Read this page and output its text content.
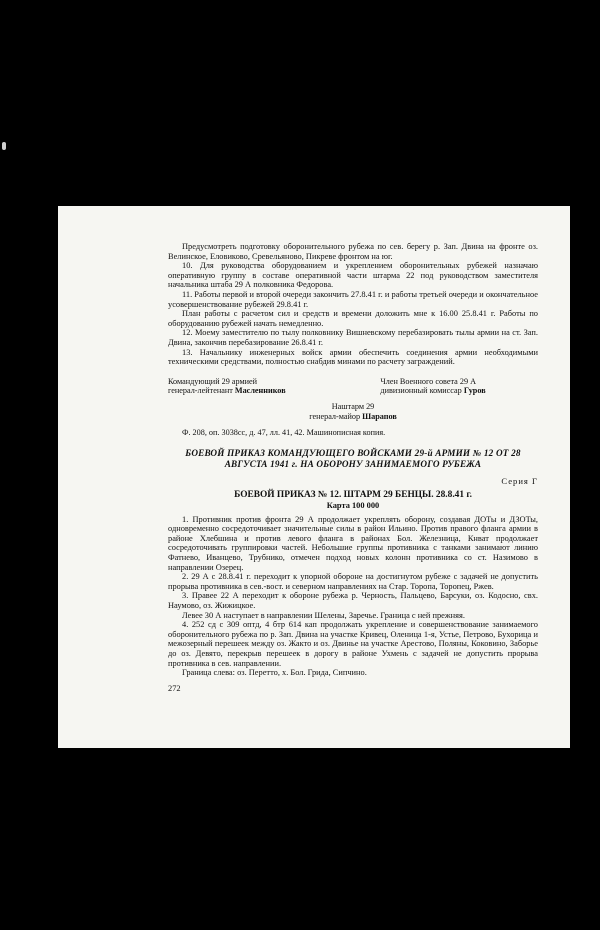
Предусмотреть подготовку оборонительного рубежа по сев. берегу р. Зап. Двина на фронте оз. Велинское, Еловиково, Сревельяново, Пикреве фронтом на юг.

10. Для руководства оборудованием и укреплением оборонительных рубежей назначаю оперативную группу в составе оперативной части штарма 22 под руководством заместителя начальника штаба 29 А полковника Федорова.

11. Работы первой и второй очереди закончить 27.8.41 г. и работы третьей очереди и окончательное усовершенствование рубежей 29.8.41 г.

План работы с расчетом сил и средств и времени доложить мне к 16.00 25.8.41 г. Работы по оборудованию рубежей начать немедленно.

12. Моему заместителю по тылу полковнику Вишневскому перебазировать тылы армии на ст. Зап. Двина, закончив перебазирование 26.8.41 г.

13. Начальнику инженерных войск армии обеспечить соединения армии необходимыми техническими средствами, полностью снабдив минами по расчету заграждений.

Командующий 29 армией
генерал-лейтенант Масленников
Член Военного совета 29 А
дивизионный комиссар Гуров
Наштарм 29
генерал-майор Шарапов

Ф. 208, оп. 3038сс, д. 47, лл. 41, 42. Машинописная копия.

БОЕВОЙ ПРИКАЗ КОМАНДУЮЩЕГО ВОЙСКАМИ 29-й АРМИИ № 12 ОТ 28 АВГУСТА 1941 г. НА ОБОРОНУ ЗАНИМАЕМОГО РУБЕЖА
Серия Г
БОЕВОЙ ПРИКАЗ № 12. ШТАРМ 29 БЕНЦЫ. 28.8.41 г.
Карта 100 000

1. Противник против фронта 29 А продолжает укреплять оборону, создавая ДОТы и ДЗОТы, одновременно сосредоточивает значительные силы в район Ильино. Против правого фланга армии в районе Хлебшина и против левого фланга в районах Бол. Железница, Кнват продолжает сосредоточивать группировки частей. Небольшие группы противника с танками занимают линию Фатнево, Иванцево, Трубнико, отмечен подход новых колонн противника со ст. Назимово в направлении Озерец.

2. 29 А с 28.8.41 г. переходит к упорной обороне на достигнутом рубеже с задачей не допустить прорыва противника в сев.-вост. и северном направлениях на Стар. Торопа, Торопец, Ржев.

3. Правее 22 А переходит к обороне рубежа р. Черность, Пальцево, Барсуки, оз. Кодосно, свх. Наумово, оз. Жижицкое.

Левее 30 А наступает в направлении Шелены, Заречье. Граница с ней прежняя.

4. 252 сд с 309 оптд, 4 бтр 614 кап продолжать укрепление и совершенствование занимаемого оборонительного рубежа по р. Зап. Двина на участке Кривец, Оленица 1-я, Устье, Петрово, Бухорица и межозерный перешеек между оз. Жакто и оз. Двинье на участке Арестово, Поляны, Коковино, Заборье до оз. Девято, перекрыв перешеек в дорогу в районе Ухмень с задачей не допустить прорыва противника в сев. направлении.

Граница слева: оз. Перетто, х. Бол. Грида, Сипчино.

272
